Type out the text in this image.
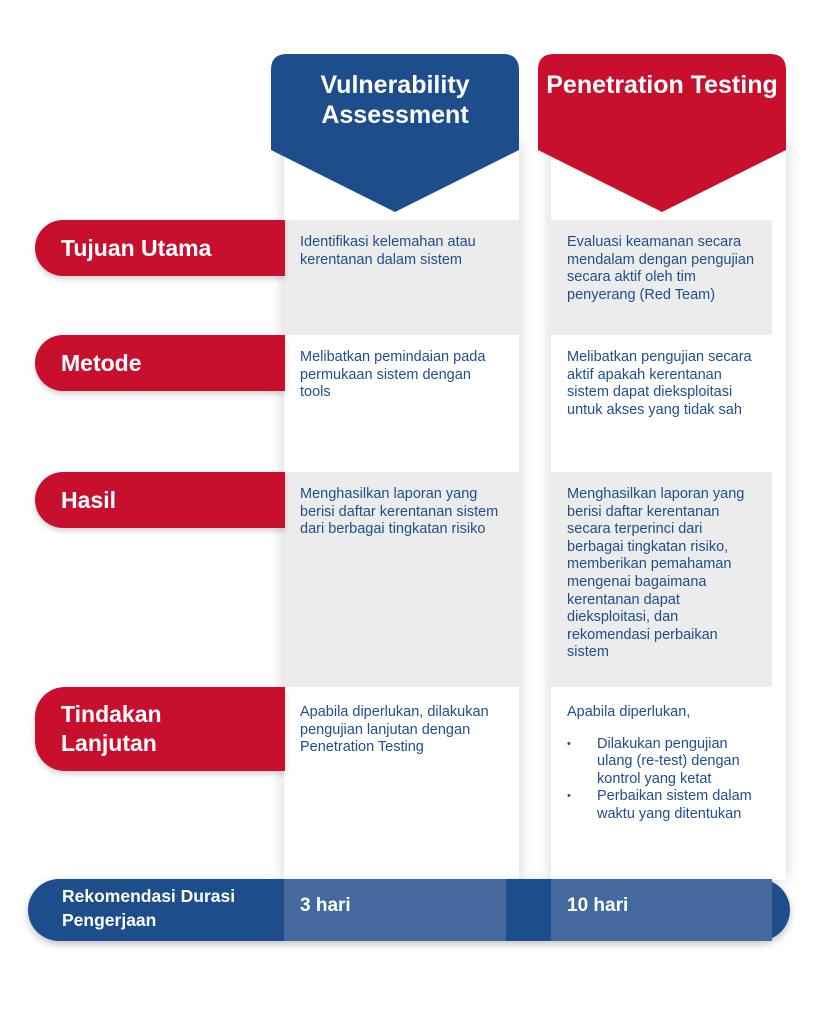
Vulnerability Assessment
Penetration Testing
Identifikasi kelemahan atau kerentanan dalam sistem
Evaluasi keamanan secara mendalam dengan pengujian secara aktif oleh tim penyerang (Red Team)
Melibatkan pemindaian pada permukaan sistem dengan tools
Melibatkan pengujian secara aktif apakah kerentanan sistem dapat dieksploitasi untuk akses yang tidak sah
Menghasilkan laporan yang berisi daftar kerentanan sistem dari berbagai tingkatan risiko
Menghasilkan laporan yang berisi daftar kerentanan secara terperinci dari berbagai tingkatan risiko, memberikan pemahaman mengenai bagaimana kerentanan dapat dieksploitasi, dan rekomendasi perbaikan sistem
Apabila diperlukan, dilakukan pengujian lanjutan dengan Penetration Testing
Apabila diperlukan,
• Dilakukan pengujian ulang (re-test) dengan kontrol yang ketat
• Perbaikan sistem dalam waktu yang ditentukan
Tujuan Utama
Metode
Hasil
Tindakan Lanjutan
Rekomendasi Durasi Pengerjaan
3 hari	10 hari
